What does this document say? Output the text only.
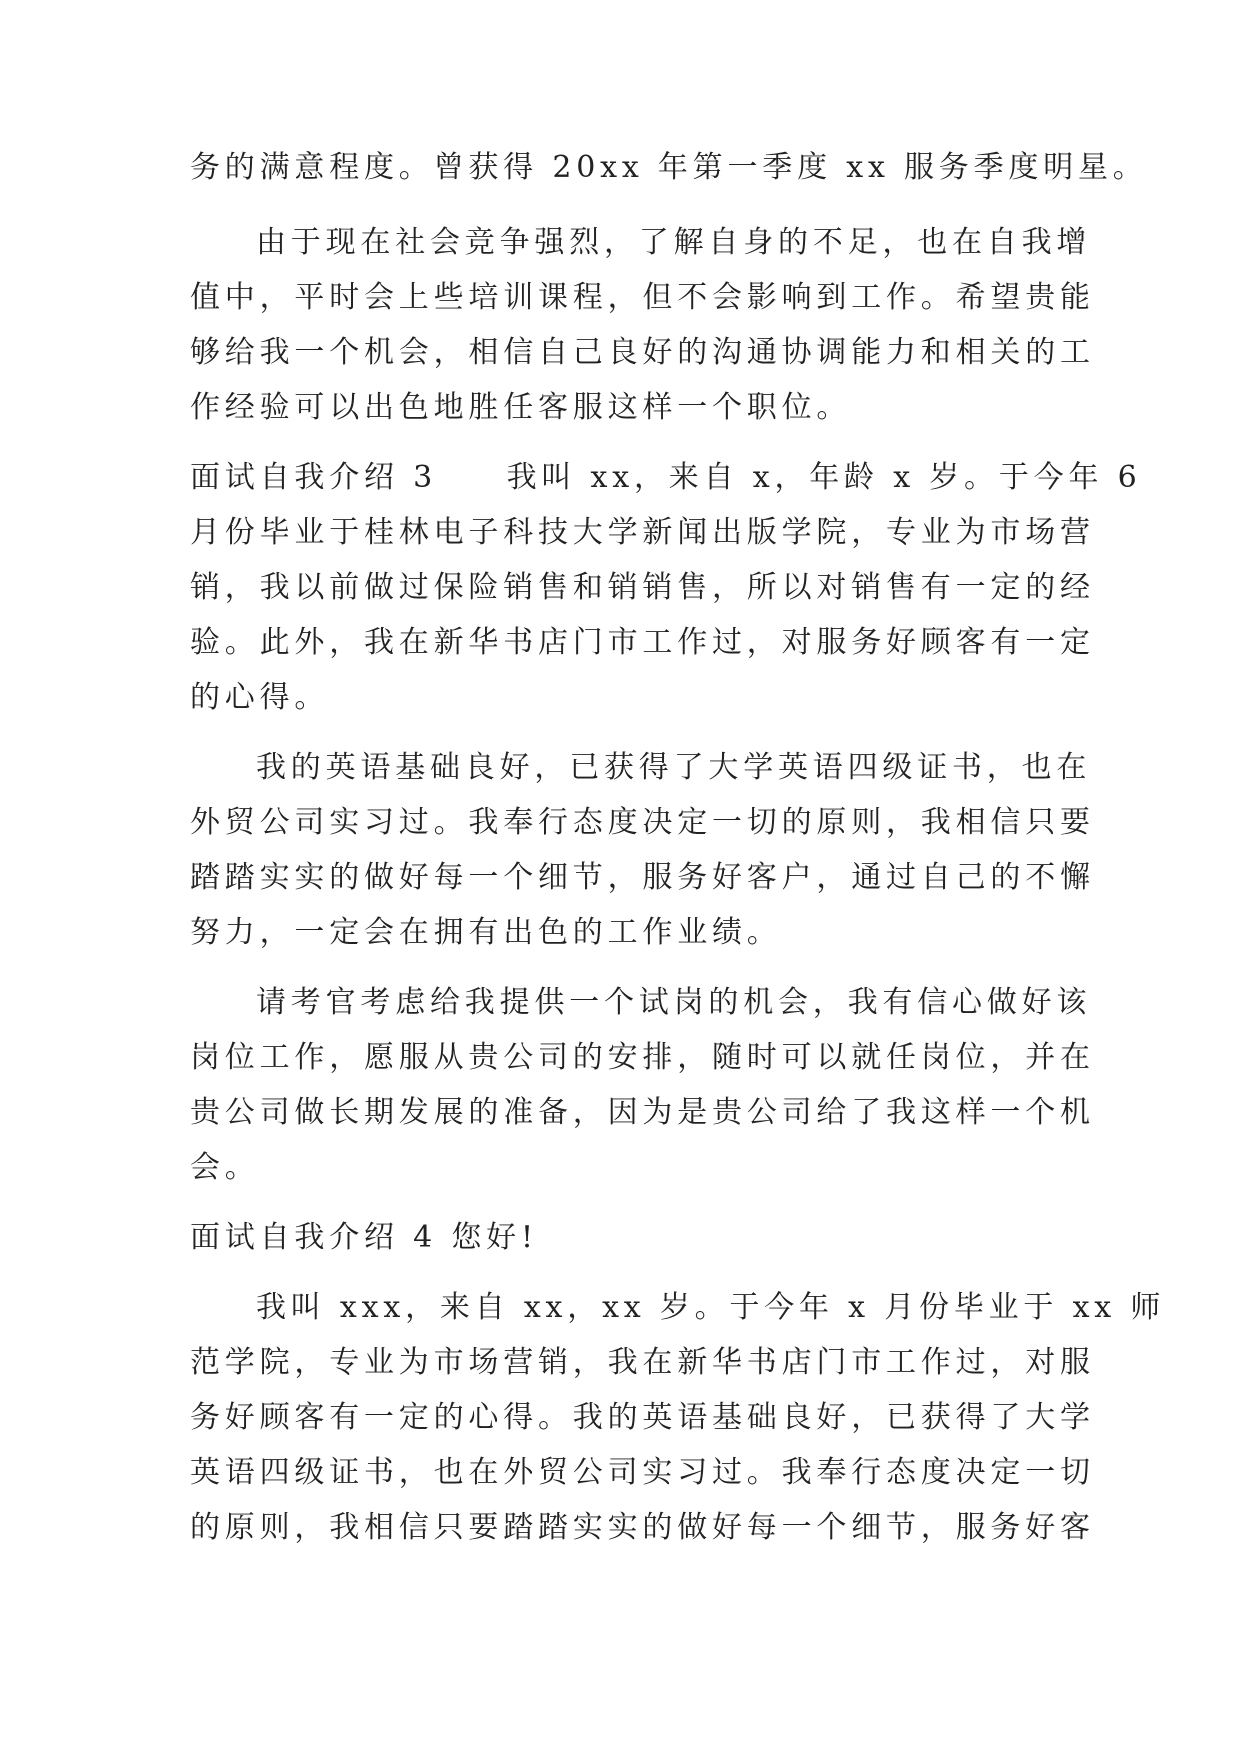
务的满意程度。曾获得 20xx 年第一季度 xx 服务季度明星。
由于现在社会竞争强烈，了解自身的不足，也在自我增
值中，平时会上些培训课程，但不会影响到工作。希望贵能
够给我一个机会，相信自己良好的沟通协调能力和相关的工
作经验可以出色地胜任客服这样一个职位。
面试自我介绍 3　　我叫 xx，来自 x，年龄 x 岁。于今年 6
月份毕业于桂林电子科技大学新闻出版学院，专业为市场营
销，我以前做过保险销售和销销售，所以对销售有一定的经
验。此外，我在新华书店门市工作过，对服务好顾客有一定
的心得。
我的英语基础良好，已获得了大学英语四级证书，也在
外贸公司实习过。我奉行态度决定一切的原则，我相信只要
踏踏实实的做好每一个细节，服务好客户，通过自己的不懈
努力，一定会在拥有出色的工作业绩。
请考官考虑给我提供一个试岗的机会，我有信心做好该
岗位工作，愿服从贵公司的安排，随时可以就任岗位，并在
贵公司做长期发展的准备，因为是贵公司给了我这样一个机
会。
面试自我介绍 4 您好!
我叫 xxx，来自 xx，xx 岁。于今年 x 月份毕业于 xx 师
范学院，专业为市场营销，我在新华书店门市工作过，对服
务好顾客有一定的心得。我的英语基础良好，已获得了大学
英语四级证书，也在外贸公司实习过。我奉行态度决定一切
的原则，我相信只要踏踏实实的做好每一个细节，服务好客
